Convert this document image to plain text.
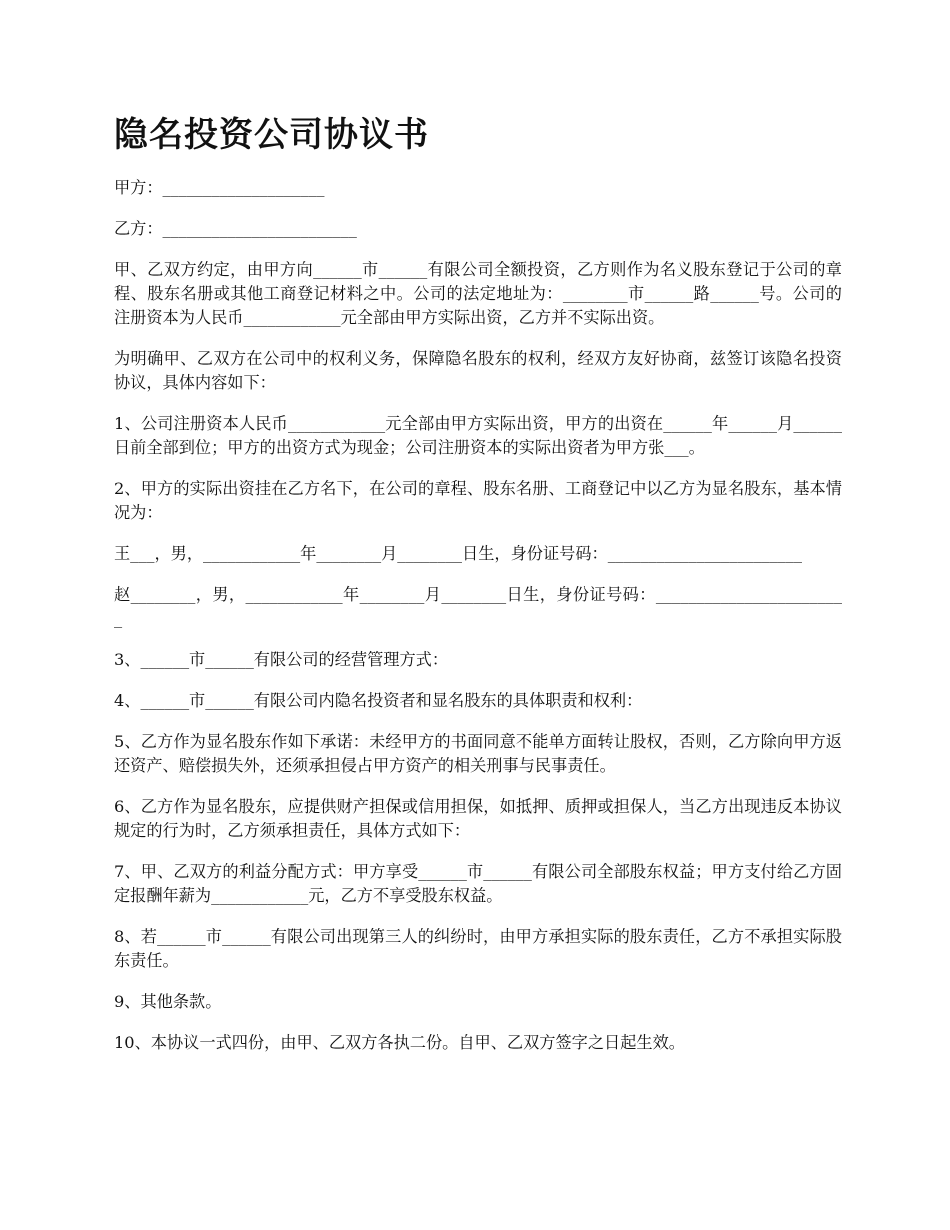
隐名投资公司协议书

甲方：____________________

乙方：________________________

甲、乙双方约定，由甲方向______市______有限公司全额投资，乙方则作为名义股东登记于公司的章程、股东名册或其他工商登记材料之中。公司的法定地址为：________市______路______号。公司的注册资本为人民币____________元全部由甲方实际出资，乙方并不实际出资。

为明确甲、乙双方在公司中的权利义务，保障隐名股东的权利，经双方友好协商，兹签订该隐名投资协议，具体内容如下：

1、公司注册资本人民币____________元全部由甲方实际出资，甲方的出资在______年______月______日前全部到位；甲方的出资方式为现金；公司注册资本的实际出资者为甲方张___。

2、甲方的实际出资挂在乙方名下，在公司的章程、股东名册、工商登记中以乙方为显名股东，基本情况为：

王___，男，____________年________月________日生，身份证号码：________________________

赵________，男，____________年________月________日生，身份证号码：________________________

3、______市______有限公司的经营管理方式：

4、______市______有限公司内隐名投资者和显名股东的具体职责和权利：

5、乙方作为显名股东作如下承诺：未经甲方的书面同意不能单方面转让股权，否则，乙方除向甲方返还资产、赔偿损失外，还须承担侵占甲方资产的相关刑事与民事责任。

6、乙方作为显名股东，应提供财产担保或信用担保，如抵押、质押或担保人，当乙方出现违反本协议规定的行为时，乙方须承担责任，具体方式如下：

7、甲、乙双方的利益分配方式：甲方享受______市______有限公司全部股东权益；甲方支付给乙方固定报酬年薪为____________元，乙方不享受股东权益。

8、若______市______有限公司出现第三人的纠纷时，由甲方承担实际的股东责任，乙方不承担实际股东责任。

9、其他条款。

10、本协议一式四份，由甲、乙双方各执二份。自甲、乙双方签字之日起生效。
